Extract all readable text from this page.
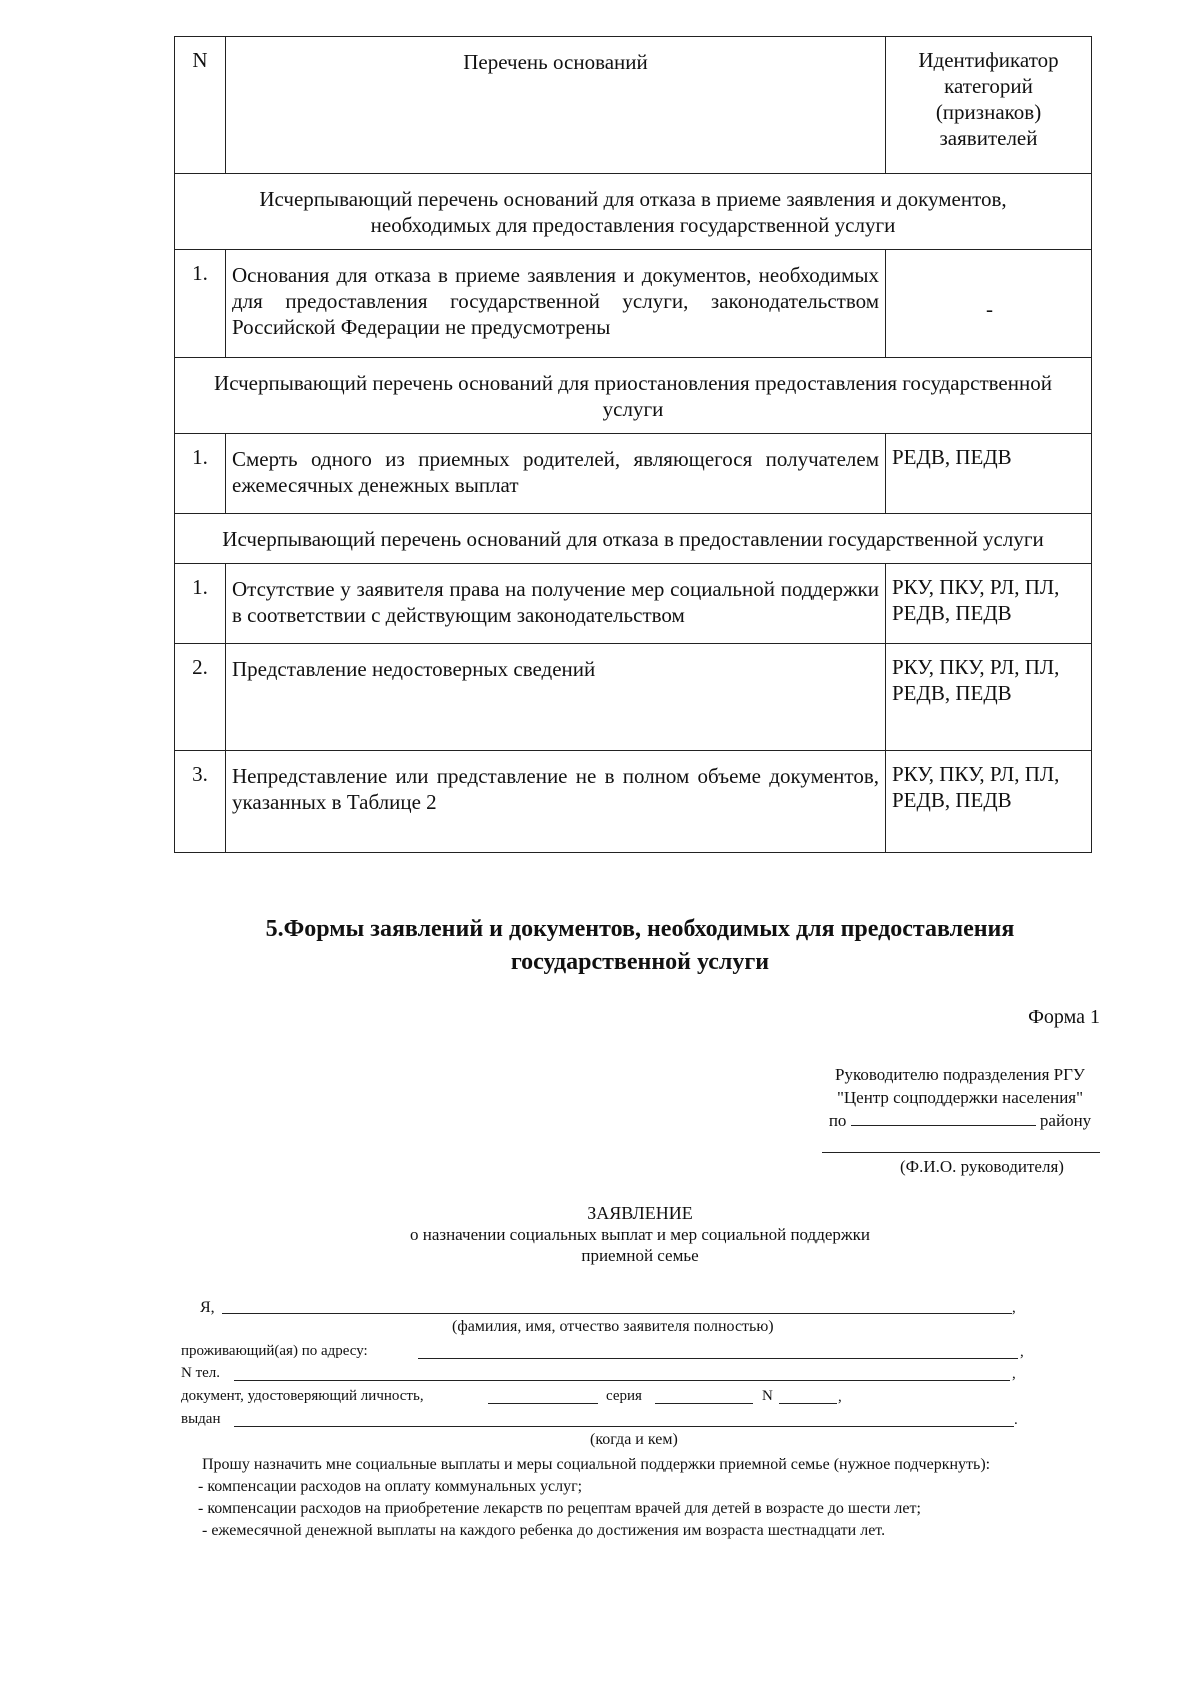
N	Перечень оснований	Идентификатор категорий (признаков) заявителей
Исчерпывающий перечень оснований для отказа в приеме заявления и документов, необходимых для предоставления государственной услуги		
1.	Основания для отказа в приеме заявления и документов, необходимых для предоставления государственной услуги, законодательством Российской Федерации не предусмотрены	-
Исчерпывающий перечень оснований для приостановления предоставления государственной услуги		
1.	Смерть одного из приемных родителей, являющегося получателем ежемесячных денежных выплат	РЕДВ, ПЕДВ
Исчерпывающий перечень оснований для отказа в предоставлении государственной услуги		
1.	Отсутствие у заявителя права на получение мер социальной поддержки в соответствии с действующим законодательством	РКУ, ПКУ, РЛ, ПЛ, РЕДВ, ПЕДВ
2.	Представление недостоверных сведений	РКУ, ПКУ, РЛ, ПЛ, РЕДВ, ПЕДВ
3.	Непредставление или представление не в полном объеме документов, указанных в Таблице 2	РКУ, ПКУ, РЛ, ПЛ, РЕДВ, ПЕДВ
5.Формы заявлений и документов, необходимых для предоставления государственной услуги
Форма 1
Руководителю подразделения РГУ
"Центр соцподдержки населения"
по	району
(Ф.И.О. руководителя)
ЗАЯВЛЕНИЕ
о назначении социальных выплат и мер социальной поддержки
приемной семье
Я,	,
(фамилия, имя, отчество заявителя полностью)
проживающий(ая) по адресу:	,
N тел.	,
документ, удостоверяющий личность,	серия	N	,
выдан	.
(когда и кем)

Прошу назначить мне социальные выплаты и меры социальной поддержки приемной семье (нужное подчеркнуть):

- компенсации расходов на оплату коммунальных услуг;

- компенсации расходов на приобретение лекарств по рецептам врачей для детей в возрасте до шести лет;

- ежемесячной денежной выплаты на каждого ребенка до достижения им возраста шестнадцати лет.
